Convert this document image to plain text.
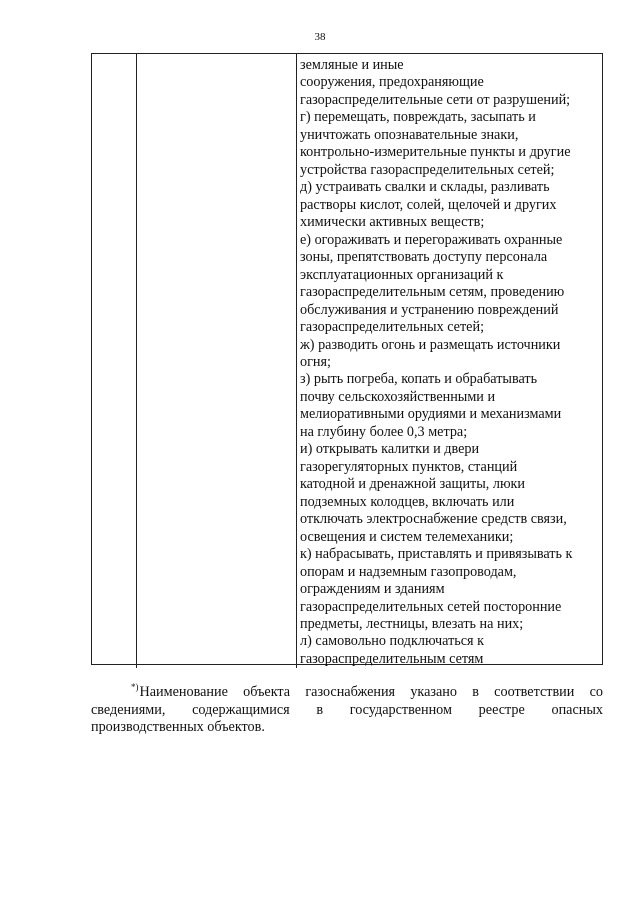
38
земляные и иные
сооружения, предохраняющие
газораспределительные сети от разрушений;
г) перемещать, повреждать, засыпать и
уничтожать опознавательные знаки,
контрольно-измерительные пункты и другие
устройства газораспределительных сетей;
д) устраивать свалки и склады, разливать
растворы кислот, солей, щелочей и других
химически активных веществ;
е) огораживать и перегораживать охранные
зоны, препятствовать доступу персонала
эксплуатационных организаций к
газораспределительным сетям, проведению
обслуживания и устранению повреждений
газораспределительных сетей;
ж) разводить огонь и размещать источники
огня;
з) рыть погреба, копать и обрабатывать
почву сельскохозяйственными и
мелиоративными орудиями и механизмами
на глубину более 0,3 метра;
и) открывать калитки и двери
газорегуляторных пунктов, станций
катодной и дренажной защиты, люки
подземных колодцев, включать или
отключать электроснабжение средств связи,
освещения и систем телемеханики;
к) набрасывать, приставлять и привязывать к
опорам и надземным газопроводам,
ограждениям и зданиям
газораспределительных сетей посторонние
предметы, лестницы, влезать на них;
л) самовольно подключаться к
газораспределительным сетям
*)Наименование объекта газоснабжения указано в соответствии со
сведениями, содержащимися в государственном реестре опасных
производственных объектов.
